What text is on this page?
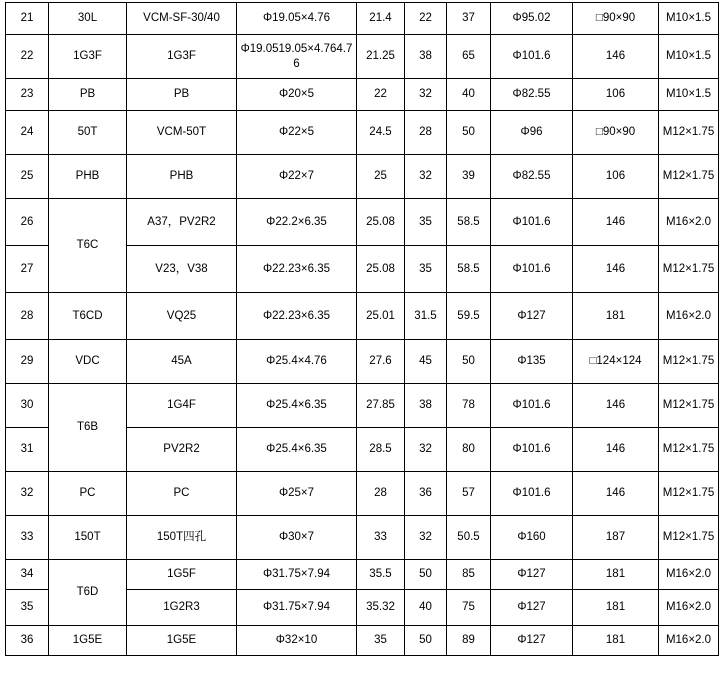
21	30L	VCM-SF-30/40	Φ19.05×4.76	21.4	22	37	Φ95.02	□90×90	M10×1.5
22	1G3F	1G3F	Φ19.0519.05×4.764.76	21.25	38	65	Φ101.6	146	M10×1.5
23	PB	PB	Φ20×5	22	32	40	Φ82.55	106	M10×1.5
24	50T	VCM-50T	Φ22×5	24.5	28	50	Φ96	□90×90	M12×1.75
25	PHB	PHB	Φ22×7	25	32	39	Φ82.55	106	M12×1.75
26	T6C	A37，PV2R2	Φ22.2×6.35	25.08	35	58.5	Φ101.6	146	M16×2.0
27		V23，V38	Φ22.23×6.35	25.08	35	58.5	Φ101.6	146	M12×1.75
28	T6CD	VQ25	Φ22.23×6.35	25.01	31.5	59.5	Φ127	181	M16×2.0
29	VDC	45A	Φ25.4×4.76	27.6	45	50	Φ135	□124×124	M12×1.75
30	T6B	1G4F	Φ25.4×6.35	27.85	38	78	Φ101.6	146	M12×1.75
31		PV2R2	Φ25.4×6.35	28.5	32	80	Φ101.6	146	M12×1.75
32	PC	PC	Φ25×7	28	36	57	Φ101.6	146	M12×1.75
33	150T	150T四孔	Φ30×7	33	32	50.5	Φ160	187	M12×1.75
34	T6D	1G5F	Φ31.75×7.94	35.5	50	85	Φ127	181	M16×2.0
35		1G2R3	Φ31.75×7.94	35.32	40	75	Φ127	181	M16×2.0
36	1G5E	1G5E	Φ32×10	35	50	89	Φ127	181	M16×2.0
